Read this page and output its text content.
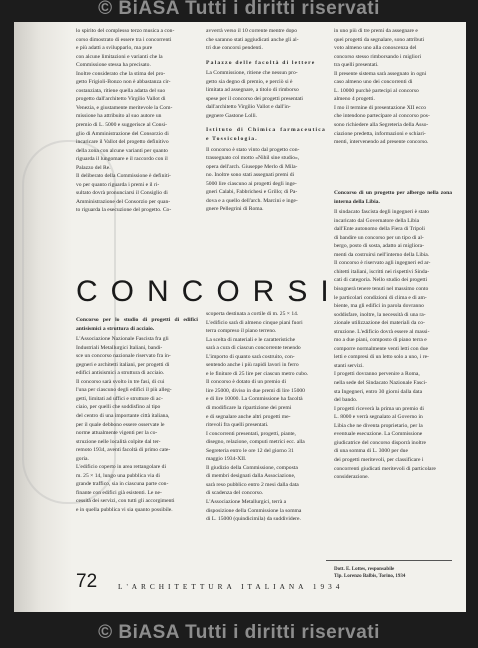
© BiASA Tutti i diritti riservati

lo spirito del complesso terzo musica a con-

corso dimostrato di essere tra i concorrenti

e più adatti a svilupparlo, ma pure

con alcune limitazioni e varianti che la

Commissione stessa ha precisato.

Inoltre considerato che la stima del pro-

getto Frigioli-Bonzo non è abbastanza cir-

costanziata, ritiene quella adatta del suo

progetto dall'architetto Virgilio Vallot di

Venezia, e giustamente meritevole la Com-

missione ha attribuito al suo autore un

premio di L. 5000 e suggerisce al Consi-

glio di Amministrazione del Consorzio di

incaricare il Vallot del progetto definitivo

della zona con alcune varianti per quanto

riguarda il lungomare e il raccordo con il

Palazzo del Re.

Il deliberato della Commissione è definiti-

vo per quanto riguarda i premi e il ri-

sultato dovrà pronunciarsi il Consiglio di

Amministrazione del Consorzio per quan-

to riguarda la esecuzione del progetto. Co-

avverrà verso il 10 corrente mentre dopo

che saranno stati aggiudicati anche gli al-

tri due concorsi pendenti.

Palazzo delle facoltà di lettere

La Commissione, ritiene che nessun pro-

getto sia degno di premio, e perciò si è

limitata ad assegnare, a titolo di rimborso

spese per il concorso dei progetti presentati

dall'architetto Virgilio Vallot e dall'in-

gegnere Gastone Lolli.

Istituto di Chimica farmaceutica e Tossicologia.

Il concorso è stato vinto dal progetto con-

trassegnato col motto «Nihil sine studio»,

opera dell'arch. Giuseppe Merlo di Mila-

no. Inoltre sono stati assegnati premi di

5000 lire ciascuno ai progetti degli inge-

gneri Calabi, Fabbrichesi e Grillo; di Pa-

dova e a quello dell'arch. Marcini e inge-

gnere Pellegrini di Roma.

in uno più di tre premi da assegnare e

quei progetti da segnalare, sono attributi

voto almeno uno alla conoscenza del

concorso stesso rimborsando i migliori

tra quelli presentati.

Il presente sistema sarà assegnato in ogni

caso almeno uno dei concorrenti di

L. 10000 purchè partecipi al concorso

almeno 4 progetti.

I mo il termine di presentazione XII ecco

che intendono partecipare al concorso pos-

sono richiedere alla Segreteria della Asso-

ciazione predetta, informazioni e schiari-

menti, intervenendo ad presente concorso.

CONCORSI

Concorso per lo studio di progetti di edifici antisismici a struttura di acciaio.

L'Associazione Nazionale Fascista fra gli

Industriali Metallurgici Italiani, bandi-

sce un concorso nazionale riservato fra in-

gegneri e architetti italiani, per progetti di

edifici antisismici a struttura di acciaio.

Il concorso sarà svolto in tre fasi, di cui

l'una per ciascuno degli edifici il più alleg-

getti, limitati ad uffici e strutture di ac-

ciaio, per quelli che soddisfino al tipo

del centro di una importante città italiana,

per il quale debbono essere osservate le

norme attualmente vigenti per la co-

struzione nelle località colpite dal ter-

remoto 1934, aventi facoltà di primo cate-

goria.

L'edificio coperto in area rettangolare di

m. 25 × 14, lungo una pubblica via di

grande traffico, sia in ciascuna parte con-

finante con edifici già esistenti. Le ne-

cessità dei servizi, con tutti gli accorgimenti

e in quella pubblica vi sia quanto possibile.

scoperta destinata a cortile di m. 25 × 14.

L'edificio sarà di almeno cinque piani fuori

terra compreso il piano terreno.

La scelta di materiali e le caratteristiche

sarà a cura di ciascun concorrente tenendo

L'importo di quanto sarà costruito, con-

sentendo anche i più rapidi lavori in ferro

e le finiture di 25 lire per ciascun metro cubo.

Il concorso è dotato di un premio di

lire 25000, diviso in due premi di lire 15000

e di lire 10000. La Commissione ha facoltà

di modificare la ripartizione dei premi

e di segnalare anche altri progetti me-

ritevoli fra quelli presentati.

I concorrenti presentati, progetti, piante,

disegno, relazione, computi metrici ecc. alla

Segreteria entro le ore 12 del giorno 31

maggio 1934-XII.

Il giudizio della Commissione, composta

di membri designati dalla Associazione,

sarà reso pubblico entro 2 mesi dalla data

di scadenza del concorso.

L'Associazione Metallurgici, terrà a

disposizione della Commissione la somma

di L. 15000 (quindicimila) da suddividere.

Concorso di un progetto per albergo nella zona interna della Libia.

Il sindacato fascista degli ingegneri è stato

incaricato dal Governatore della Libia

dall'Ente autonomo della Fiera di Tripoli

di bandire un concorso per un tipo di al-

bergo, posto di sosta, adatto ai migliora-

menti da costruirsi nell'interno della Libia.

Il concorso è riservato agli ingegneri ed ar-

chitetti italiani, iscritti nei rispettivi Sinda-

cati di categoria. Nello studio dei progetti

bisognerà tenere tenuti nel massimo conto

le particolari condizioni di clima e di am-

biente, ma gli edifici in parola dovranno

soddisfare, inoltre, la necessità di una ra-

zionale utilizzazione dei materiali da co-

struzione. L'edificio dovrà essere al massi-

mo a due piani, composto di piano terra e

comporre normalmente venti letti con due

letti e compresi di un letto solo a uno, i re-

stanti servizi.

I progetti dovranno pervenire a Roma,

nella sede del Sindacato Nazionale Fasci-

sta Ingegneri, entro 30 giorni dalla data

del bando.

I progetti riceverà la prima un premio di

L. 8000 e verrà segnalato al Governo in

Libia che ne diventa proprietario, per la

eventuale esecuzione. La Commissione

giudicatrice del concorso disporrà inoltre

di una somma di L. 3000 per due

dei progetti meritevoli, per classificare i

concorrenti giudicati meritevoli di particolare

considerazione.

Dott. E. Lottes, responsabile
Tip. Lorenzo Balbis, Torino, 1934
72	L'ARCHITETTURA ITALIANA 1934
© BiASA Tutti i diritti riservati
